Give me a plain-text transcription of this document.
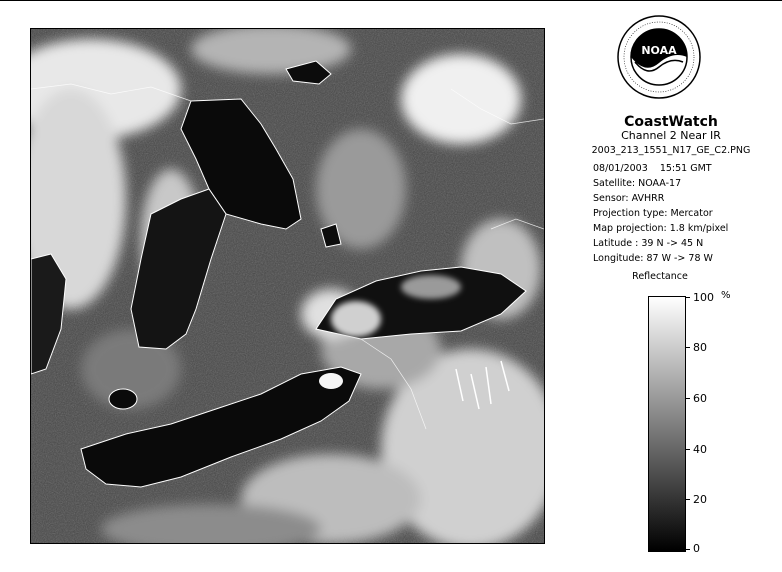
NOAA
CoastWatch
Channel 2 Near IR
2003_213_1551_N17_GE_C2.PNG
08/01/2003    15:51 GMT
Satellite: NOAA-17
Sensor: AVHRR
Projection type: Mercator
Map projection: 1.8 km/pixel
Latitude : 39 N -> 45 N
Longitude: 87 W -> 78 W
Reflectance
100 %
80
60
40
20
0
